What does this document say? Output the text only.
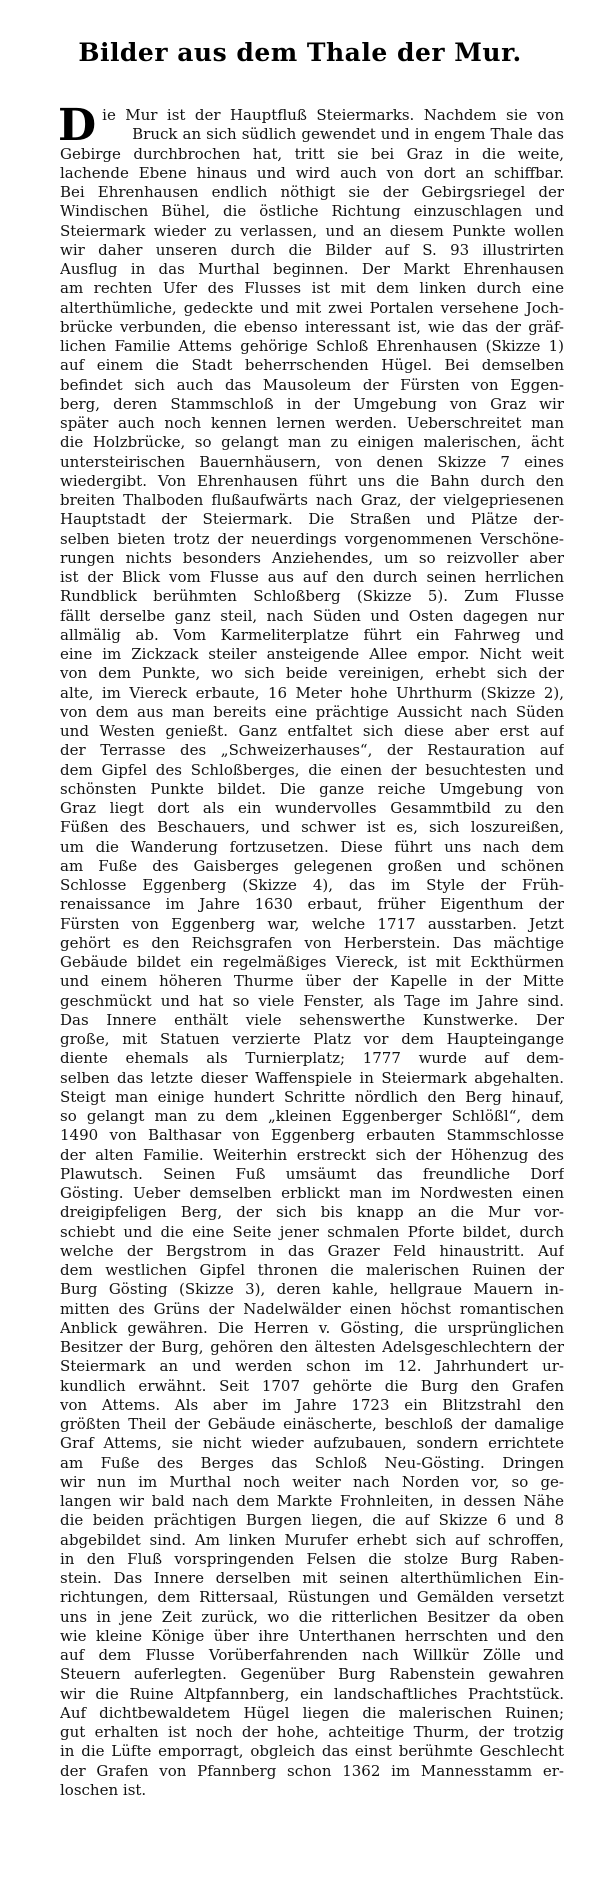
Bilder aus dem Thale der Mur.
D ie Mur ist der Hauptfluß Steiermarks. Nachdem sie von
Bruck an sich südlich gewendet und in engem Thale das
Gebirge durchbrochen hat, tritt sie bei Graz in die weite,
lachende Ebene hinaus und wird auch von dort an schiffbar.
Bei Ehrenhausen endlich nöthigt sie der Gebirgsriegel der
Windischen Bühel, die östliche Richtung einzuschlagen und
Steiermark wieder zu verlassen, und an diesem Punkte wollen
wir daher unseren durch die Bilder auf S. 93 illustrirten
Ausflug in das Murthal beginnen. Der Markt Ehrenhausen
am rechten Ufer des Flusses ist mit dem linken durch eine
alterthümliche, gedeckte und mit zwei Portalen versehene Joch-
brücke verbunden, die ebenso interessant ist, wie das der gräf-
lichen Familie Attems gehörige Schloß Ehrenhausen (Skizze 1)
auf einem die Stadt beherrschenden Hügel. Bei demselben
befindet sich auch das Mausoleum der Fürsten von Eggen-
berg, deren Stammschloß in der Umgebung von Graz wir
später auch noch kennen lernen werden. Ueberschreitet man
die Holzbrücke, so gelangt man zu einigen malerischen, ächt
untersteirischen Bauernhäusern, von denen Skizze 7 eines
wiedergibt. Von Ehrenhausen führt uns die Bahn durch den
breiten Thalboden flußaufwärts nach Graz, der vielgepriesenen
Hauptstadt der Steiermark. Die Straßen und Plätze der-
selben bieten trotz der neuerdings vorgenommenen Verschöne-
rungen nichts besonders Anziehendes, um so reizvoller aber
ist der Blick vom Flusse aus auf den durch seinen herrlichen
Rundblick berühmten Schloßberg (Skizze 5). Zum Flusse
fällt derselbe ganz steil, nach Süden und Osten dagegen nur
allmälig ab. Vom Karmeliterplatze führt ein Fahrweg und
eine im Zickzack steiler ansteigende Allee empor. Nicht weit
von dem Punkte, wo sich beide vereinigen, erhebt sich der
alte, im Viereck erbaute, 16 Meter hohe Uhrthurm (Skizze 2),
von dem aus man bereits eine prächtige Aussicht nach Süden
und Westen genießt. Ganz entfaltet sich diese aber erst auf
der Terrasse des „Schweizerhauses“, der Restauration auf
dem Gipfel des Schloßberges, die einen der besuchtesten und
schönsten Punkte bildet. Die ganze reiche Umgebung von
Graz liegt dort als ein wundervolles Gesammtbild zu den
Füßen des Beschauers, und schwer ist es, sich loszureißen,
um die Wanderung fortzusetzen. Diese führt uns nach dem
am Fuße des Gaisberges gelegenen großen und schönen
Schlosse Eggenberg (Skizze 4), das im Style der Früh-
renaissance im Jahre 1630 erbaut, früher Eigenthum der
Fürsten von Eggenberg war, welche 1717 ausstarben. Jetzt
gehört es den Reichsgrafen von Herberstein. Das mächtige
Gebäude bildet ein regelmäßiges Viereck, ist mit Eckthürmen
und einem höheren Thurme über der Kapelle in der Mitte
geschmückt und hat so viele Fenster, als Tage im Jahre sind.
Das Innere enthält viele sehenswerthe Kunstwerke. Der
große, mit Statuen verzierte Platz vor dem Haupteingange
diente ehemals als Turnierplatz; 1777 wurde auf dem-
selben das letzte dieser Waffenspiele in Steiermark abgehalten.
Steigt man einige hundert Schritte nördlich den Berg hinauf,
so gelangt man zu dem „kleinen Eggenberger Schlößl“, dem
1490 von Balthasar von Eggenberg erbauten Stammschlosse
der alten Familie. Weiterhin erstreckt sich der Höhenzug des
Plawutsch. Seinen Fuß umsäumt das freundliche Dorf
Gösting. Ueber demselben erblickt man im Nordwesten einen
dreigipfeligen Berg, der sich bis knapp an die Mur vor-
schiebt und die eine Seite jener schmalen Pforte bildet, durch
welche der Bergstrom in das Grazer Feld hinaustritt. Auf
dem westlichen Gipfel thronen die malerischen Ruinen der
Burg Gösting (Skizze 3), deren kahle, hellgraue Mauern in-
mitten des Grüns der Nadelwälder einen höchst romantischen
Anblick gewähren. Die Herren v. Gösting, die ursprünglichen
Besitzer der Burg, gehören den ältesten Adelsgeschlechtern der
Steiermark an und werden schon im 12. Jahrhundert ur-
kundlich erwähnt. Seit 1707 gehörte die Burg den Grafen
von Attems. Als aber im Jahre 1723 ein Blitzstrahl den
größten Theil der Gebäude einäscherte, beschloß der damalige
Graf Attems, sie nicht wieder aufzubauen, sondern errichtete
am Fuße des Berges das Schloß Neu-Gösting. Dringen
wir nun im Murthal noch weiter nach Norden vor, so ge-
langen wir bald nach dem Markte Frohnleiten, in dessen Nähe
die beiden prächtigen Burgen liegen, die auf Skizze 6 und 8
abgebildet sind. Am linken Murufer erhebt sich auf schroffen,
in den Fluß vorspringenden Felsen die stolze Burg Raben-
stein. Das Innere derselben mit seinen alterthümlichen Ein-
richtungen, dem Rittersaal, Rüstungen und Gemälden versetzt
uns in jene Zeit zurück, wo die ritterlichen Besitzer da oben
wie kleine Könige über ihre Unterthanen herrschten und den
auf dem Flusse Vorüberfahrenden nach Willkür Zölle und
Steuern auferlegten. Gegenüber Burg Rabenstein gewahren
wir die Ruine Altpfannberg, ein landschaftliches Prachtstück.
Auf dichtbewaldetem Hügel liegen die malerischen Ruinen;
gut erhalten ist noch der hohe, achteitige Thurm, der trotzig
in die Lüfte emporragt, obgleich das einst berühmte Geschlecht
der Grafen von Pfannberg schon 1362 im Mannesstamm er-
loschen ist.
